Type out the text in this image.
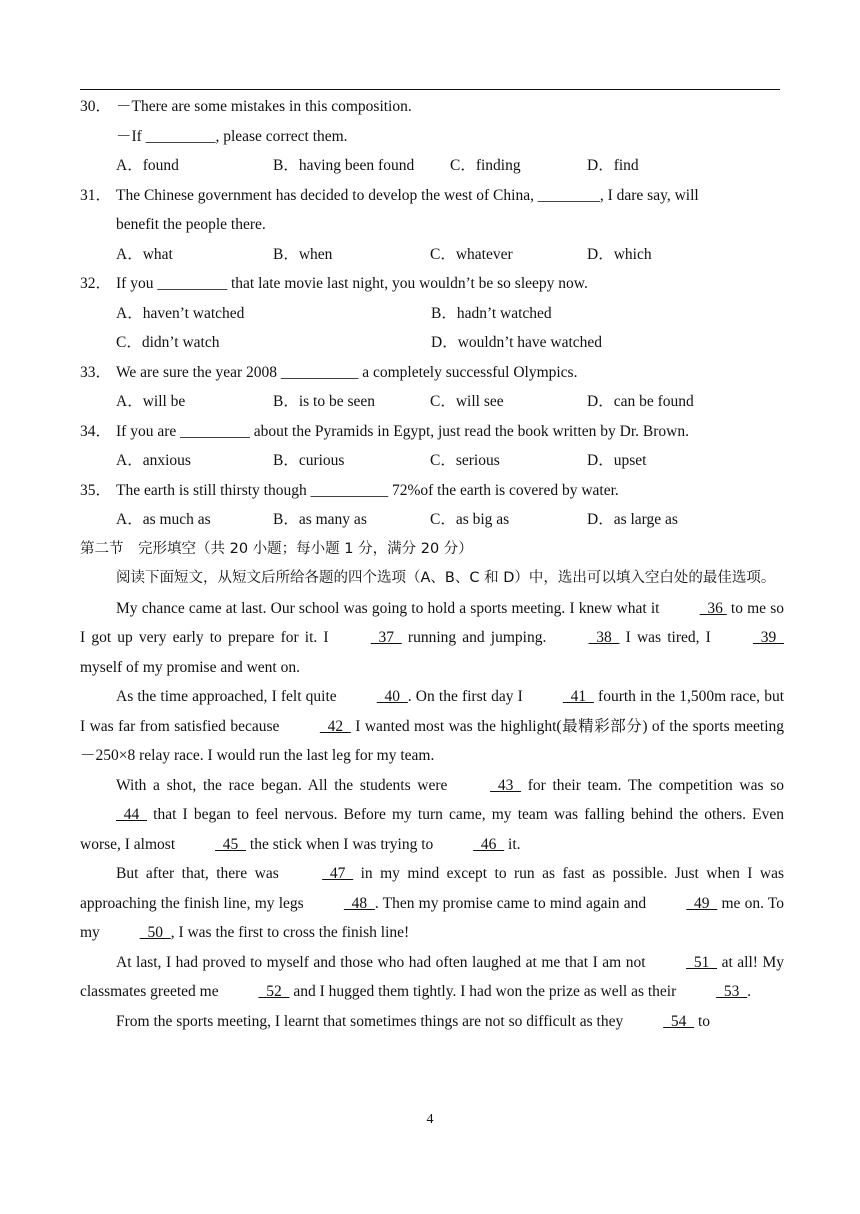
30． －There are some mistakes in this composition.
－If _________, please correct them.
A．found	B．having been found	C．finding	D．find
31． The Chinese government has decided to develop the west of China, ________, I dare say, will
benefit the people there.
A．what	B．when	C．whatever	D．which
32． If you _________ that late movie last night, you wouldn’t be so sleepy now.
A．haven’t watched	B．hadn’t watched
C．didn’t watch	D．wouldn’t have watched
33． We are sure the year 2008 __________ a completely successful Olympics.
A．will be	B．is to be seen	C．will see	D．can be found
34． If you are _________ about the Pyramids in Egypt, just read the book written by Dr. Brown.
A．anxious	B．curious	C．serious	D．upset
35． The earth is still thirsty though __________ 72%of the earth is covered by water.
A．as much as	B．as many as	C．as big as	D．as large as
第二节　完形填空（共 20 小题；每小题 1 分，满分 20 分）
阅读下面短文，从短文后所给各题的四个选项（A、B、C 和 D）中，选出可以填入空白处的最佳选项。
My chance came at last. Our school was going to hold a sports meeting. I knew what it   36  to me so I got up very early to prepare for it. I   37   running and jumping.   38   I was tired, I   39   myself of my promise and went on.
As the time approached, I felt quite   40  . On the first day I   41   fourth in the 1,500m race, but I was far from satisfied because   42   I wanted most was the highlight(最精彩部分) of the sports meeting－250×8 relay race. I would run the last leg for my team.
With a shot, the race began. All the students were   43   for their team. The competition was so   44   that I began to feel nervous. Before my turn came, my team was falling behind the others. Even worse, I almost   45   the stick when I was trying to   46   it.
But after that, there was   47   in my mind except to run as fast as possible. Just when I was approaching the finish line, my legs   48  . Then my promise came to mind again and   49   me on. To my   50  , I was the first to cross the finish line!
At last, I had proved to myself and those who had often laughed at me that I am not   51   at all! My classmates greeted me   52   and I hugged them tightly. I had won the prize as well as their   53  .
From the sports meeting, I learnt that sometimes things are not so difficult as they   54   to
4
